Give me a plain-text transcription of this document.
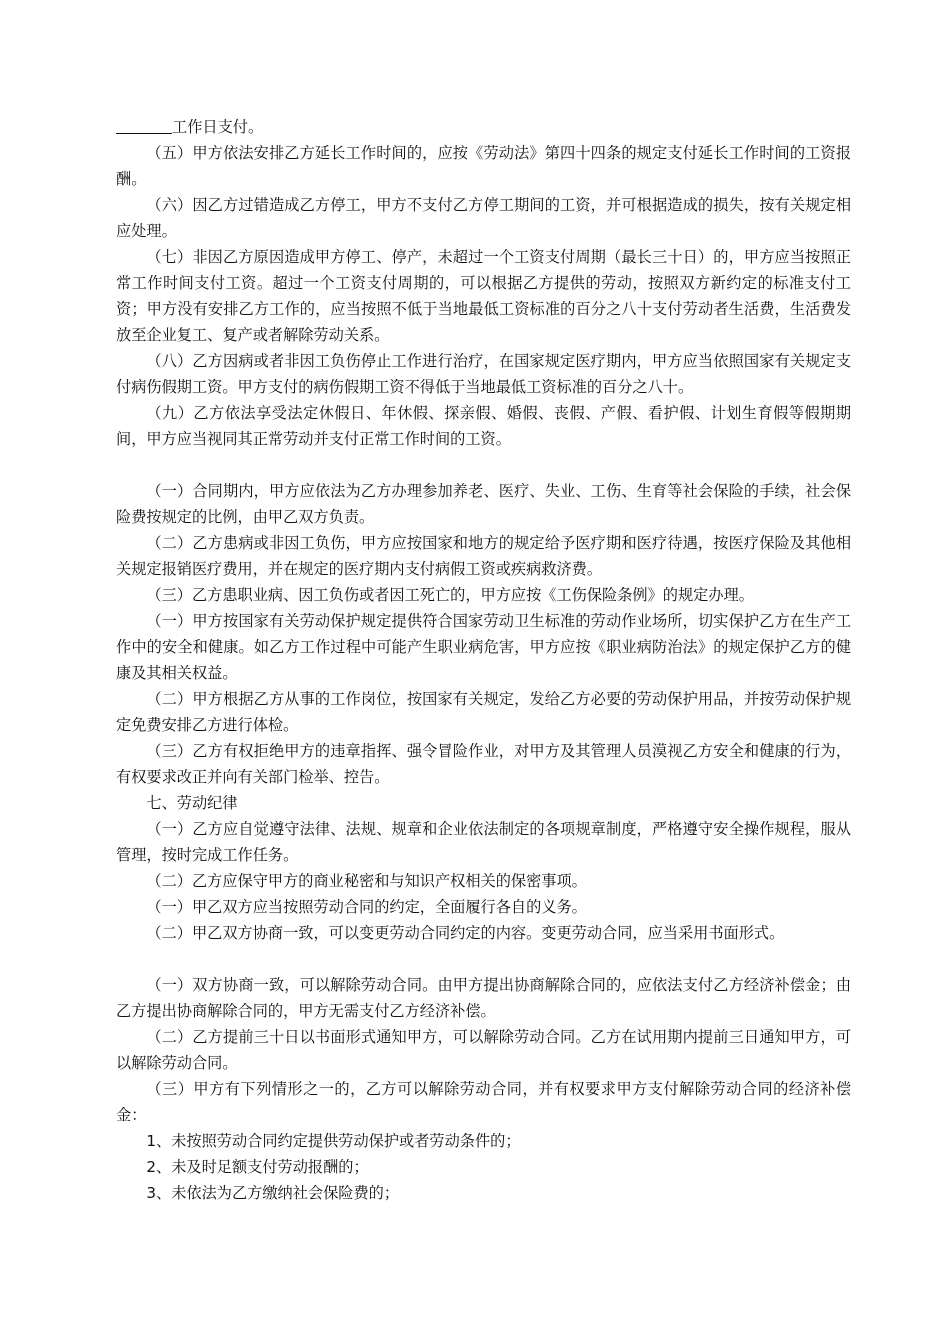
工作日支付。

（五）甲方依法安排乙方延长工作时间的，应按《劳动法》第四十四条的规定支付延长工作时间的工资报酬。

（六）因乙方过错造成乙方停工，甲方不支付乙方停工期间的工资，并可根据造成的损失，按有关规定相应处理。

（七）非因乙方原因造成甲方停工、停产，未超过一个工资支付周期（最长三十日）的，甲方应当按照正常工作时间支付工资。超过一个工资支付周期的，可以根据乙方提供的劳动，按照双方新约定的标准支付工资；甲方没有安排乙方工作的，应当按照不低于当地最低工资标准的百分之八十支付劳动者生活费，生活费发放至企业复工、复产或者解除劳动关系。

（八）乙方因病或者非因工负伤停止工作进行治疗，在国家规定医疗期内，甲方应当依照国家有关规定支付病伤假期工资。甲方支付的病伤假期工资不得低于当地最低工资标准的百分之八十。

（九）乙方依法享受法定休假日、年休假、探亲假、婚假、丧假、产假、看护假、计划生育假等假期期间，甲方应当视同其正常劳动并支付正常工作时间的工资。

（一）合同期内，甲方应依法为乙方办理参加养老、医疗、失业、工伤、生育等社会保险的手续，社会保险费按规定的比例，由甲乙双方负责。

（二）乙方患病或非因工负伤，甲方应按国家和地方的规定给予医疗期和医疗待遇，按医疗保险及其他相关规定报销医疗费用，并在规定的医疗期内支付病假工资或疾病救济费。

（三）乙方患职业病、因工负伤或者因工死亡的，甲方应按《工伤保险条例》的规定办理。

（一）甲方按国家有关劳动保护规定提供符合国家劳动卫生标准的劳动作业场所，切实保护乙方在生产工作中的安全和健康。如乙方工作过程中可能产生职业病危害，甲方应按《职业病防治法》的规定保护乙方的健康及其相关权益。

（二）甲方根据乙方从事的工作岗位，按国家有关规定，发给乙方必要的劳动保护用品，并按劳动保护规定免费安排乙方进行体检。

（三）乙方有权拒绝甲方的违章指挥、强令冒险作业，对甲方及其管理人员漠视乙方安全和健康的行为，有权要求改正并向有关部门检举、控告。

七、劳动纪律

（一）乙方应自觉遵守法律、法规、规章和企业依法制定的各项规章制度，严格遵守安全操作规程，服从管理，按时完成工作任务。

（二）乙方应保守甲方的商业秘密和与知识产权相关的保密事项。

（一）甲乙双方应当按照劳动合同的约定，全面履行各自的义务。

（二）甲乙双方协商一致，可以变更劳动合同约定的内容。变更劳动合同，应当采用书面形式。

（一）双方协商一致，可以解除劳动合同。由甲方提出协商解除合同的，应依法支付乙方经济补偿金；由乙方提出协商解除合同的，甲方无需支付乙方经济补偿。

（二）乙方提前三十日以书面形式通知甲方，可以解除劳动合同。乙方在试用期内提前三日通知甲方，可以解除劳动合同。

（三）甲方有下列情形之一的，乙方可以解除劳动合同，并有权要求甲方支付解除劳动合同的经济补偿金：

1、未按照劳动合同约定提供劳动保护或者劳动条件的；

2、未及时足额支付劳动报酬的；

3、未依法为乙方缴纳社会保险费的；
